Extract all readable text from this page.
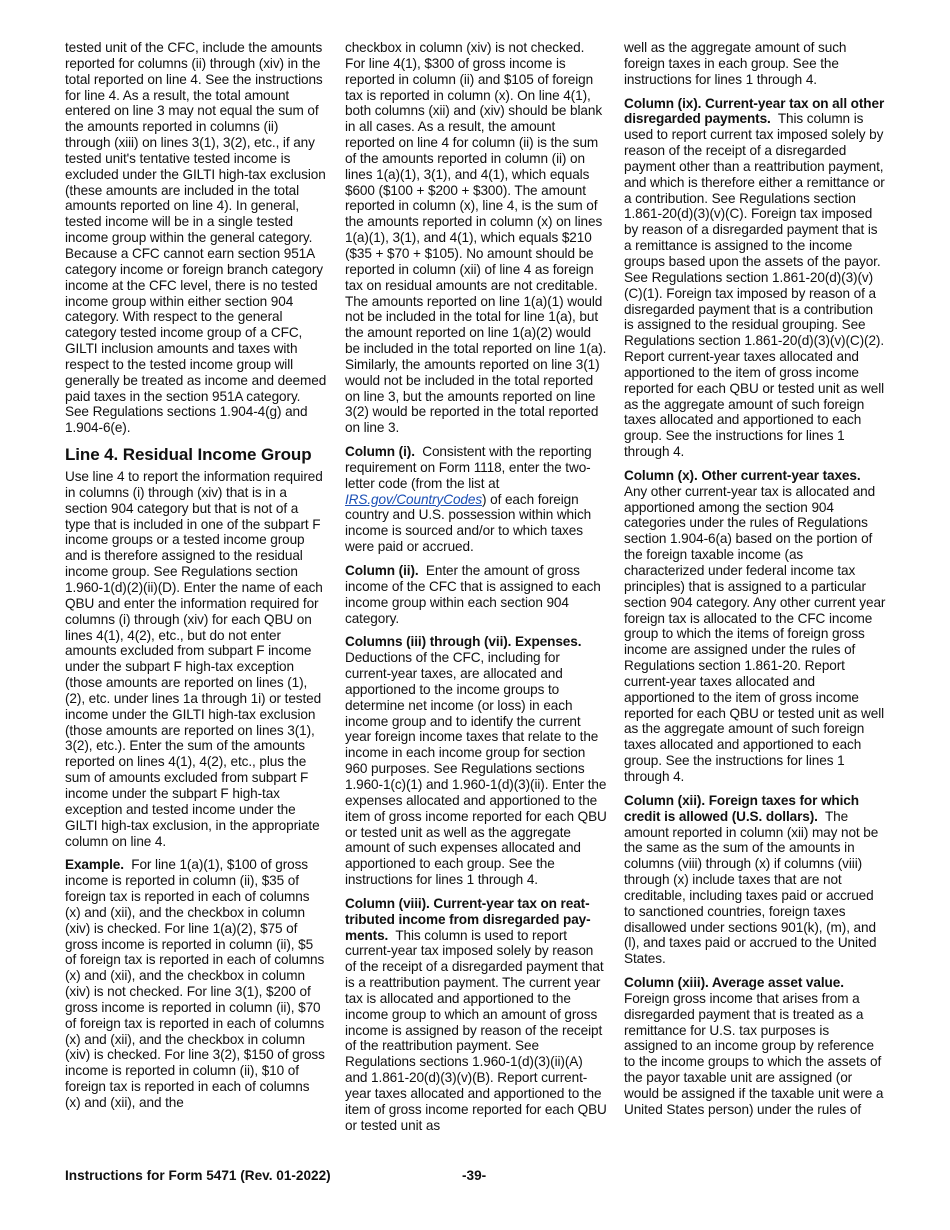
tested unit of the CFC, include the amounts reported for columns (ii) through (xiv) in the total reported on line 4. See the instructions for line 4. As a result, the total amount entered on line 3 may not equal the sum of the amounts reported in columns (ii) through (xiii) on lines 3(1), 3(2), etc., if any tested unit's tentative tested income is excluded under the GILTI high-tax exclusion (these amounts are included in the total amounts reported on line 4). In general, tested income will be in a single tested income group within the general category. Because a CFC cannot earn section 951A category income or foreign branch category income at the CFC level, there is no tested income group within either section 904 category. With respect to the general category tested income group of a CFC, GILTI inclusion amounts and taxes with respect to the tested income group will generally be treated as income and deemed paid taxes in the section 951A category. See Regulations sections 1.904-4(g) and 1.904-6(e).

Line 4. Residual Income Group

Use line 4 to report the information required in columns (i) through (xiv) that is in a section 904 category but that is not of a type that is included in one of the subpart F income groups or a tested income group and is therefore assigned to the residual income group. See Regulations section 1.960-1(d)(2)(ii)(D). Enter the name of each QBU and enter the information required for columns (i) through (xiv) for each QBU on lines 4(1), 4(2), etc., but do not enter amounts excluded from subpart F income under the subpart F high-tax exception (those amounts are reported on lines (1), (2), etc. under lines 1a through 1i) or tested income under the GILTI high-tax exclusion (those amounts are reported on lines 3(1), 3(2), etc.). Enter the sum of the amounts reported on lines 4(1), 4(2), etc., plus the sum of amounts excluded from subpart F income under the subpart F high-tax exception and tested income under the GILTI high-tax exclusion, in the appropriate column on line 4.

Example. For line 1(a)(1), $100 of gross income is reported in column (ii), $35 of foreign tax is reported in each of columns (x) and (xii), and the checkbox in column (xiv) is checked. For line 1(a)(2), $75 of gross income is reported in column (ii), $5 of foreign tax is reported in each of columns (x) and (xii), and the checkbox in column (xiv) is not checked. For line 3(1), $200 of gross income is reported in column (ii), $70 of foreign tax is reported in each of columns (x) and (xii), and the checkbox in column (xiv) is checked. For line 3(2), $150 of gross income is reported in column (ii), $10 of foreign tax is reported in each of columns (x) and (xii), and the

checkbox in column (xiv) is not checked. For line 4(1), $300 of gross income is reported in column (ii) and $105 of foreign tax is reported in column (x). On line 4(1), both columns (xii) and (xiv) should be blank in all cases. As a result, the amount reported on line 4 for column (ii) is the sum of the amounts reported in column (ii) on lines 1(a)(1), 3(1), and 4(1), which equals $600 ($100 + $200 + $300). The amount reported in column (x), line 4, is the sum of the amounts reported in column (x) on lines 1(a)(1), 3(1), and 4(1), which equals $210 ($35 + $70 + $105). No amount should be reported in column (xii) of line 4 as foreign tax on residual amounts are not creditable. The amounts reported on line 1(a)(1) would not be included in the total for line 1(a), but the amount reported on line 1(a)(2) would be included in the total reported on line 1(a). Similarly, the amounts reported on line 3(1) would not be included in the total reported on line 3, but the amounts reported on line 3(2) would be reported in the total reported on line 3.

Column (i). Consistent with the reporting requirement on Form 1118, enter the two-letter code (from the list at IRS.gov/CountryCodes) of each foreign country and U.S. possession within which income is sourced and/or to which taxes were paid or accrued.

Column (ii). Enter the amount of gross income of the CFC that is assigned to each income group within each section 904 category.

Columns (iii) through (vii). Expenses. Deductions of the CFC, including for current-year taxes, are allocated and apportioned to the income groups to determine net income (or loss) in each income group and to identify the current year foreign income taxes that relate to the income in each income group for section 960 purposes. See Regulations sections 1.960-1(c)(1) and 1.960-1(d)(3)(ii). Enter the expenses allocated and apportioned to the item of gross income reported for each QBU or tested unit as well as the aggregate amount of such expenses allocated and apportioned to each group. See the instructions for lines 1 through 4.

Column (viii). Current-year tax on reat-tributed income from disregarded pay-ments. This column is used to report current-year tax imposed solely by reason of the receipt of a disregarded payment that is a reattribution payment. The current year tax is allocated and apportioned to the income group to which an amount of gross income is assigned by reason of the receipt of the reattribution payment. See Regulations sections 1.960-1(d)(3)(ii)(A) and 1.861-20(d)(3)(v)(B). Report current-year taxes allocated and apportioned to the item of gross income reported for each QBU or tested unit as

well as the aggregate amount of such foreign taxes in each group. See the instructions for lines 1 through 4.

Column (ix). Current-year tax on all other disregarded payments. This column is used to report current tax imposed solely by reason of the receipt of a disregarded payment other than a reattribution payment, and which is therefore either a remittance or a contribution. See Regulations section 1.861-20(d)(3)(v)(C). Foreign tax imposed by reason of a disregarded payment that is a remittance is assigned to the income groups based upon the assets of the payor. See Regulations section 1.861-20(d)(3)(v)(C)(1). Foreign tax imposed by reason of a disregarded payment that is a contribution is assigned to the residual grouping. See Regulations section 1.861-20(d)(3)(v)(C)(2). Report current-year taxes allocated and apportioned to the item of gross income reported for each QBU or tested unit as well as the aggregate amount of such foreign taxes allocated and apportioned to each group. See the instructions for lines 1 through 4.

Column (x). Other current-year taxes. Any other current-year tax is allocated and apportioned among the section 904 categories under the rules of Regulations section 1.904-6(a) based on the portion of the foreign taxable income (as characterized under federal income tax principles) that is assigned to a particular section 904 category. Any other current year foreign tax is allocated to the CFC income group to which the items of foreign gross income are assigned under the rules of Regulations section 1.861-20. Report current-year taxes allocated and apportioned to the item of gross income reported for each QBU or tested unit as well as the aggregate amount of such foreign taxes allocated and apportioned to each group. See the instructions for lines 1 through 4.

Column (xii). Foreign taxes for which credit is allowed (U.S. dollars). The amount reported in column (xii) may not be the same as the sum of the amounts in columns (viii) through (x) if columns (viii) through (x) include taxes that are not creditable, including taxes paid or accrued to sanctioned countries, foreign taxes disallowed under sections 901(k), (m), and (l), and taxes paid or accrued to the United States.

Column (xiii). Average asset value. Foreign gross income that arises from a disregarded payment that is treated as a remittance for U.S. tax purposes is assigned to an income group by reference to the income groups to which the assets of the payor taxable unit are assigned (or would be assigned if the taxable unit were a United States person) under the rules of

Instructions for Form 5471 (Rev. 01-2022)	-39-
